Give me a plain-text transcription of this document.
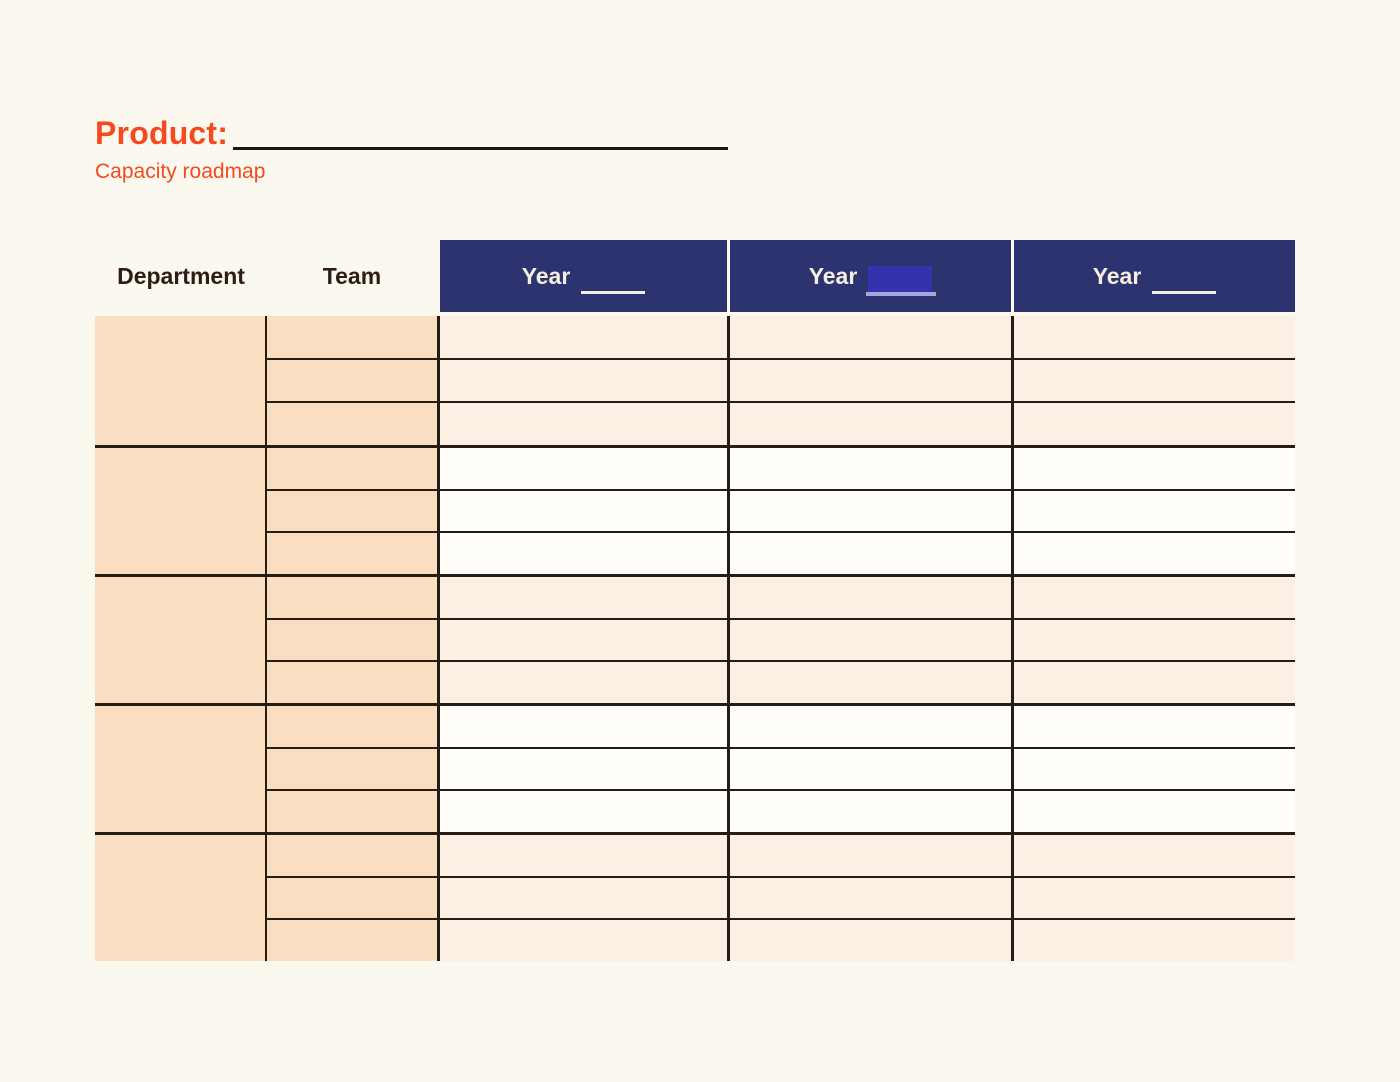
Product:
Capacity roadmap
Department	Team	Year	Year	Year
